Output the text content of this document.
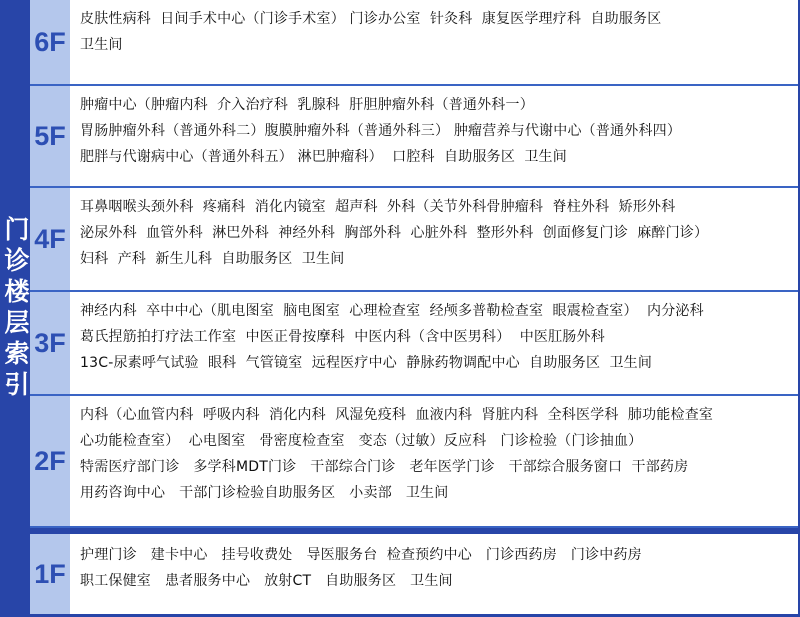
门诊楼层索引
6F
皮肤性病科  日间手术中心（门诊手术室） 门诊办公室  针灸科  康复医学理疗科  自助服务区
卫生间
5F
肿瘤中心（肿瘤内科  介入治疗科  乳腺科  肝胆肿瘤外科（普通外科一）
胃肠肿瘤外科（普通外科二）腹膜肿瘤外科（普通外科三） 肿瘤营养与代谢中心（普通外科四）
肥胖与代谢病中心（普通外科五） 淋巴肿瘤科）  口腔科  自助服务区  卫生间
4F
耳鼻咽喉头颈外科  疼痛科  消化内镜室  超声科  外科（关节外科骨肿瘤科  脊柱外科  矫形外科
泌尿外科  血管外科  淋巴外科  神经外科  胸部外科  心脏外科  整形外科  创面修复门诊  麻醉门诊）
妇科  产科  新生儿科  自助服务区  卫生间
3F
神经内科  卒中中心（肌电图室  脑电图室  心理检查室  经颅多普勒检查室  眼震检查室）  内分泌科
葛氏捏筋拍打疗法工作室  中医正骨按摩科  中医内科（含中医男科）  中医肛肠外科
13C-尿素呼气试验  眼科  气管镜室  远程医疗中心  静脉药物调配中心  自助服务区  卫生间
2F
内科（心血管内科  呼吸内科  消化内科  风湿免疫科  血液内科  肾脏内科  全科医学科  肺功能检查室
心功能检查室）  心电图室   骨密度检查室   变态（过敏）反应科   门诊检验（门诊抽血）
特需医疗部门诊   多学科MDT门诊   干部综合门诊   老年医学门诊   干部综合服务窗口  干部药房
用药咨询中心   干部门诊检验自助服务区   小卖部   卫生间
1F
护理门诊   建卡中心   挂号收费处   导医服务台  检查预约中心   门诊西药房   门诊中药房
职工保健室   患者服务中心   放射CT   自助服务区   卫生间
